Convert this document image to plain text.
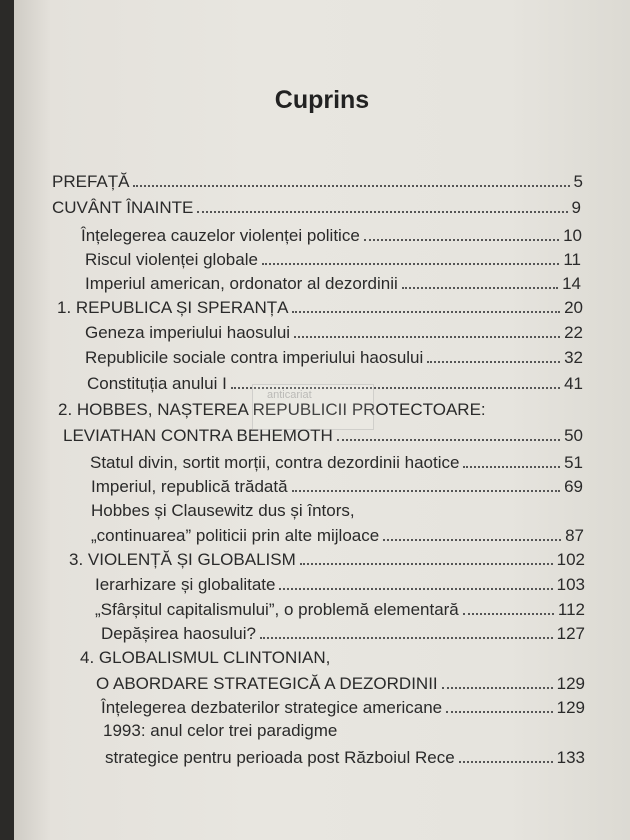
Cuprins
PREFAȚĂ	5
CUVÂNT ÎNAINTE	9
Înțelegerea cauzelor violenței politice	10
Riscul violenței globale	11
Imperiul american, ordonator al dezordinii	14
1. REPUBLICA ȘI SPERANȚA	20
Geneza imperiului haosului	22
Republicile sociale contra imperiului haosului	32
Constituția anului I	41
2. HOBBES, NAȘTEREA REPUBLICII PROTECTOARE:
LEVIATHAN CONTRA BEHEMOTH	50
Statul divin, sortit morții, contra dezordinii haotice	51
Imperiul, republică trădată	69
Hobbes și Clausewitz dus și întors,
„continuarea” politicii prin alte mijloace	87
3. VIOLENȚĂ ȘI GLOBALISM	102
Ierarhizare și globalitate	103
„Sfârșitul capitalismului”, o problemă elementară	112
Depășirea haosului?	127
4. GLOBALISMUL CLINTONIAN,
O ABORDARE STRATEGICĂ A DEZORDINII	129
Înțelegerea dezbaterilor strategice americane	129
1993: anul celor trei paradigme
strategice pentru perioada post Războiul Rece	133
anticariat
